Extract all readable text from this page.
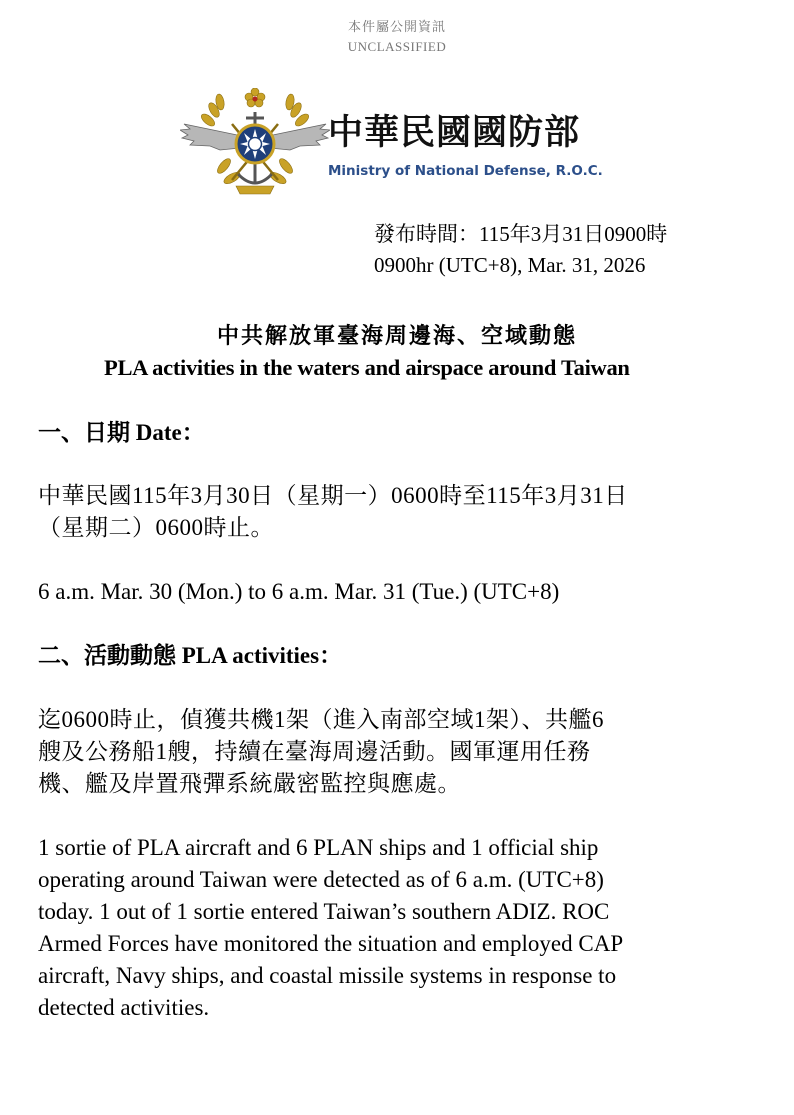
本件屬公開資訊
UNCLASSIFIED
中華民國國防部
Ministry of National Defense, R.O.C.
發布時間：115年3月31日0900時
0900hr (UTC+8), Mar. 31, 2026
中共解放軍臺海周邊海、空域動態
PLA activities in the waters and airspace around Taiwan
一、日期 Date：
中華民國115年3月30日（星期一）0600時至115年3月31日
（星期二）0600時止。
6 a.m. Mar. 30 (Mon.) to 6 a.m. Mar. 31 (Tue.) (UTC+8)
二、活動動態 PLA activities：
迄0600時止，偵獲共機1架（進入南部空域1架）、共艦6
艘及公務船1艘，持續在臺海周邊活動。國軍運用任務
機、艦及岸置飛彈系統嚴密監控與應處。
1 sortie of PLA aircraft and 6 PLAN ships and 1 official ship
operating around Taiwan were detected as of 6 a.m. (UTC+8)
today. 1 out of 1 sortie entered Taiwan’s southern ADIZ. ROC
Armed Forces have monitored the situation and employed CAP
aircraft, Navy ships, and coastal missile systems in response to
detected activities.
